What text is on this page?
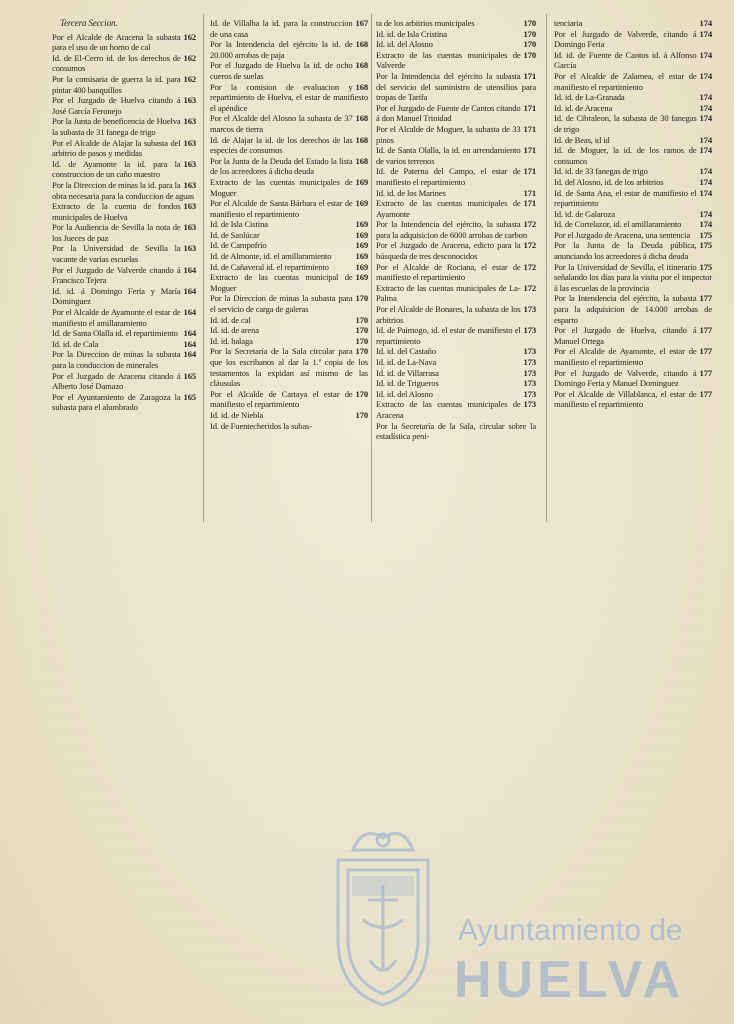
Tercera Seccion.
162
Por el Alcalde de Aracena la subasta para el uso de un horno de cal
162
Id. de El-Cerro id. de los derechos de consumos
162
Por la comisaria de guerra la id. para pintar 400 banquillos
163
Por el Juzgado de Huelva citando á José García Feronejo
163
Por la Junta de beneficencia de Huelva la subasta de 31 fanega de trigo
163
Por el Alcalde de Alajar la subasta del arbitrio de pasos y medidas
163
Id. de Ayamonte la id. para la construccion de un caño maestro
163
Por la Direccion de minas la id. para la obra necesaria para la conduccion de aguas
163
Extracto de la cuenta de fondos municipales de Huelva
163
Por la Audiencia de Sevilla la nota de los Jueces de paz
163
Por la Universidad de Sevilla la vacante de varias escuelas
164
Por el Juzgado de Valverde citando á Francisco Tejera
164
Id. id. á Domingo Feria y María Dominguez
164
Por el Alcalde de Ayamonte el estar de manifiesto el amillaramiento
164
Id. de Santa Olalla id. el repartimiento
164
Id. id. de Cala
164
Por la Direccion de minas la subasta para la conduccion de minerales
165
Por el Juzgado de Aracena citando á Alberto José Damazo
165
Por el Ayuntamiento de Zaragoza la subasta para el alumbrado
167
Id. de Villalba la id. para la construccion de una casa
168
Por la Intendencia del ejército la id. de 20.000 arrobas de paja
168
Por el Juzgado de Huelva la id. de ocho cueros de suelas
168
Por la comision de evaluacion y repartimiento de Huelva, el estar de manifiesto el apéndice
168
Por el Alcalde del Alosno la subasta de 37 marcos de tierra
168
Id. de Alajar la id. de los derechos de las especies de consumos
168
Por la Junta de la Deuda del Estado la lista de los acreedores á dicha deuda
169
Extracto de las cuentas municipales de Moguer
169
Por el Alcalde de Santa Bárbara el estar de manifiesto el repartimiento
169
Id. de Isla Cistina
169
Id. de Sanlúcar
169
Id. de Campofrío
169
Id. de Almonte, id. el amillaramiento
169
Id. de Cañaveral id. el repartimiento
169
Extracto de las cuentas municipal de Moguer
170
Por la Direccion de minas la subasta para el servicio de carga de galeras
170
Id. id. de cal
170
Id. id. de arena
170
Id. id. balaga
170
Por la Secretaría de la Sala circular para que los escribanos al dar la 1.ª copia de los testamentos la expidan así mismo de las cláusulas
170
Por el Alcalde de Cartaya el estar de manifiesto el repartimiento
170
Id. id. de Niebla
Id. de Fuentecheridos la subas-
170
ta de los arbitrios municipales
170
Id. id. de Isla Cristina
170
Id. id. del Alosno
170
Extracto de las cuentas municipales de Valverde
171
Por la Intendencia del ejército la subasta del servicio del suministro de utensilios para tropas de Tarifa
171
Por el Juzgado de Fuente de Cantos citando á don Manuel Trinidad
171
Por el Alcalde de Moguer, la subasta de 33 pinos
171
Id. de Santa Olalla, la id. en arrendamiento de varios terrenos
171
Id. de Paterna del Campo, el estar de manifiesto el repartimiento
171
Id. id. de los Marines
171
Extracto de las cuentas municipales de Ayamonte
172
Por la Intendencia del ejército, la subasta para la adquisicion de 6000 arrobas de carbon
172
Por el Juzgado de Aracena, edicto para la búsqueda de tres desconocidos
172
Por el Alcalde de Rociana, el estar de manifiesto el repartimiento
172
Extracto de las cuentas municipales de La-Palma
173
Por el Alcalde de Bonares, la subasta de los arbitrios
173
Id. de Paimogo, id. el estar de manifiesto el repartimiento
173
Id. id. del Castaño
173
Id. id. de La-Nava
173
Id. id. de Villarrasa
173
Id. id. de Trigueros
173
Id. id. del Alosno
173
Extracto de las cuentas municipales de Aracena
Por la Secretaría de la Sala, circular sobre la estadística peni-
174
tenciaria
174
Por el Juzgado de Valverde, citando á Domingo Feria
174
Id. id. de Fuente de Cantos id. á Alfonso García
174
Por el Alcalde de Zalamea, el estar de manifiesto el repartimiento
174
Id. id. de La-Granada
174
Id. id. de Aracena
174
Id. de Cibraleon, la subasta de 30 fanegas de trigo
174
Id. de Beas, id id
174
Id. de Moguer, la id. de los ramos de consumos
174
Id. id. de 33 fanegas de trigo
174
Id. del Alosno, id. de los arbitrios
174
Id. de Santa Ana, el estar de manifiesto el repartimiento
174
Id. id. de Galaroza
174
Id. de Cortelazor, id. el amillaramiento
175
Por el Juzgado de Aracena, una sentencia
175
Por la Junta de la Deuda pública, anunciando los acreedores á dicha deuda
175
Por la Universidad de Sevilla, el itinerario señalando los dias para la visita por el inspector á las escuelas de la provincia
177
Por la Intendencia del ejército, la subasta para la adquisicion de 14.000 arrobas de esparto
177
Por el Juzgado de Huelva, citando á Manuel Ortega
177
Por el Alcalde de Ayamonte, el estar de manifiesto el repartimiento
177
Por el Juzgado de Valverde, citando á Domingo Feria y Manuel Dominguez
177
Por el Alcalde de Villablanca, el estar de manifiesto el repartimiento
Ayuntamiento de
HUELVA
